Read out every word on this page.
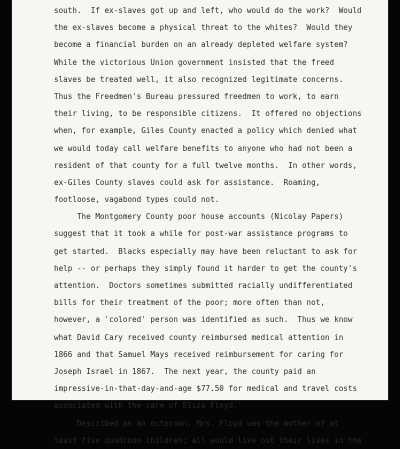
south.  If ex-slaves got up and left, who would do the work?  Would
the ex-slaves become a physical threat to the whites?  Would they
become a financial burden on an already depleted welfare system?
While the victorious Union government insisted that the freed
slaves be treated well, it also recognized legitimate concerns.
Thus the Freedmen's Bureau pressured freedmen to work, to earn
their living, to be responsible citizens.  It offered no objections
when, for example, Giles County enacted a policy which denied what
we would today call welfare benefits to anyone who had not been a
resident of that county for a full twelve months.  In other words,
ex-Giles County slaves could ask for assistance.  Roaming,
footloose, vagabond types could not.
The Montgomery County poor house accounts (Nicolay Papers)
suggest that it took a while for post-war assistance programs to
get started.  Blacks especially may have been reluctant to ask for
help -- or perhaps they simply found it harder to get the county's
attention.  Doctors sometimes submitted racially undifferentiated
bills for their treatment of the poor; more often than not,
however, a 'colored' person was identified as such.  Thus we know
what David Cary received county reimbursed medical attention in
1866 and that Samuel Mays received reimbursement for caring for
Joseph Israel in 1867.  The next year, the county paid an
impressive-in-that-day-and-age $77.50 for medical and travel costs
associated with the care of Eliza Floyd.
Described as an octoroon, Mrs. Floyd was the mother of at
least five quadroon children; all would live out their lives in the
